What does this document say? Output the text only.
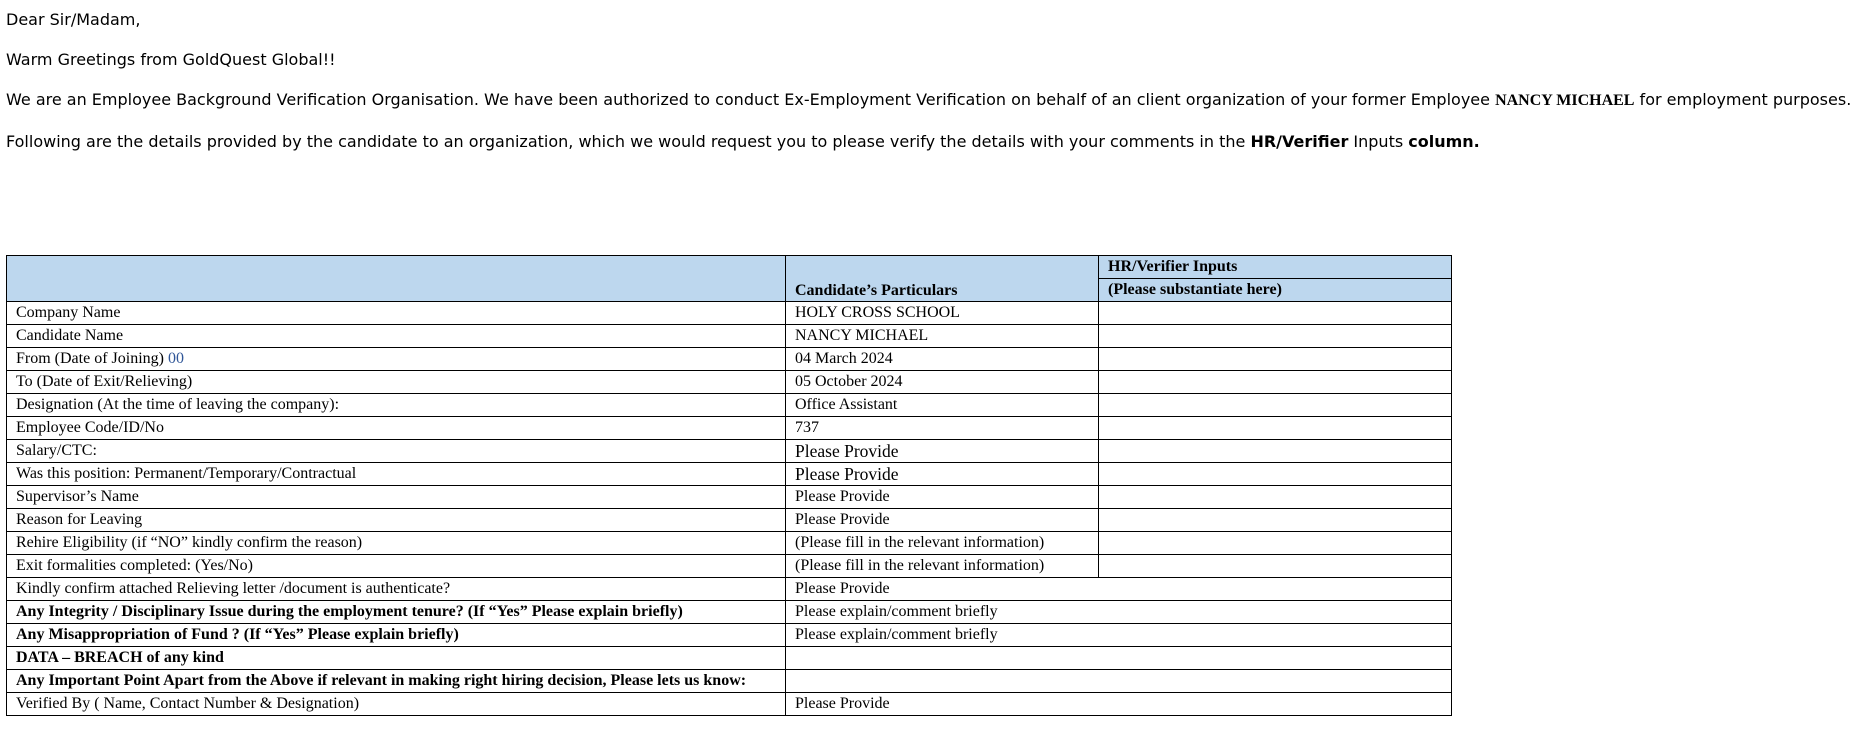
Dear Sir/Madam,
Warm Greetings from GoldQuest Global!!
We are an Employee Background Verification Organisation. We have been authorized to conduct Ex-Employment Verification on behalf of an client organization of your former Employee NANCY MICHAEL for employment purposes.
Following are the details provided by the candidate to an organization, which we would request you to please verify the details with your comments in the HR/Verifier Inputs column.
	Candidate’s Particulars	HR/Verifier Inputs
		(Please substantiate here)
Company Name	HOLY CROSS SCHOOL	
Candidate Name	NANCY MICHAEL	
From (Date of Joining) 00	04 March 2024	
To (Date of Exit/Relieving)	05 October 2024	
Designation (At the time of leaving the company):	Office Assistant	
Employee Code/ID/No	737	
Salary/CTC:	Please Provide	
Was this position: Permanent/Temporary/Contractual	Please Provide	
Supervisor’s Name	Please Provide	
Reason for Leaving	Please Provide	
Rehire Eligibility (if “NO” kindly confirm the reason)	(Please fill in the relevant information)	
Exit formalities completed: (Yes/No)	(Please fill in the relevant information)	
Kindly confirm attached Relieving letter /document is authenticate?	Please Provide	
Any Integrity / Disciplinary Issue during the employment tenure? (If “Yes” Please explain briefly)	Please explain/comment briefly	
Any Misappropriation of Fund ? (If “Yes” Please explain briefly)	Please explain/comment briefly	
DATA – BREACH of any kind		
Any Important Point Apart from the Above if relevant in making right hiring decision, Please lets us know:		
Verified By ( Name, Contact Number & Designation)	Please Provide	
